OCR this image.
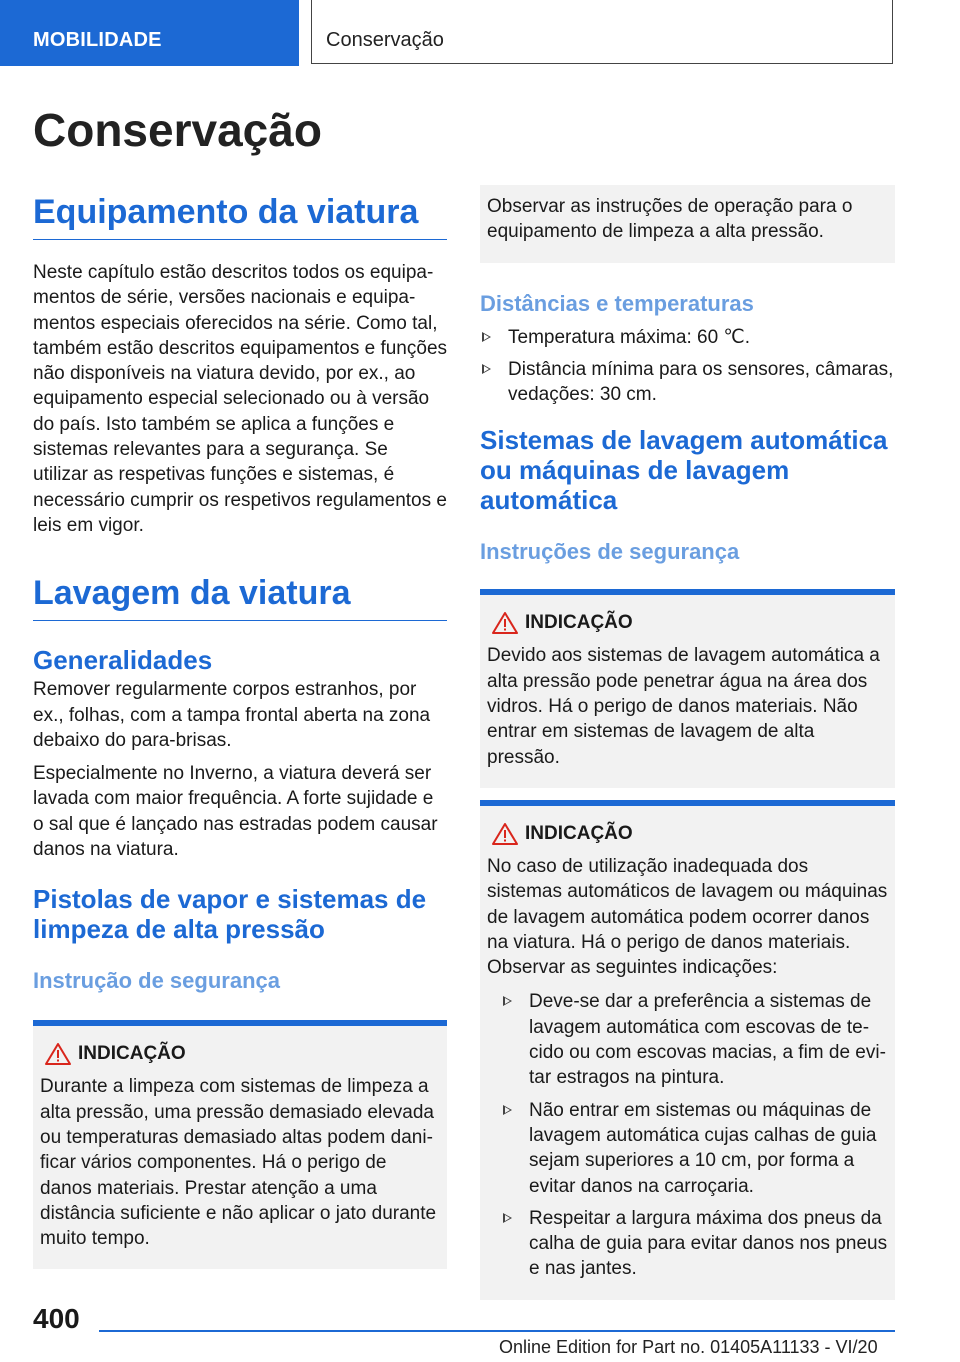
MOBILIDADE	Conservação
Conservação
Equipamento da viatura

Neste capítulo estão descritos todos os equipamentos de série, versões nacionais e equipamentos especiais oferecidos na série. Como tal, também estão descritos equipamentos e funções não disponíveis na viatura devido, por ex., ao equipamento especial selecionado ou à versão do país. Isto também se aplica a funções e sistemas relevantes para a segurança. Se utilizar as respetivas funções e sistemas, é necessário cumprir os respetivos regulamentos e leis em vigor.

Lavagem da viatura
Generalidades

Remover regularmente corpos estranhos, por ex., folhas, com a tampa frontal aberta na zona debaixo do para-brisas.

Especialmente no Inverno, a viatura deverá ser lavada com maior frequência. A forte sujidade e o sal que é lançado nas estradas podem causar danos na viatura.

Pistolas de vapor e sistemas de limpeza de alta pressão
Instrução de segurança
INDICAÇÃO

Durante a limpeza com sistemas de limpeza a alta pressão, uma pressão demasiado elevada ou temperaturas demasiado altas podem danificar vários componentes. Há o perigo de danos materiais. Prestar atenção a uma distância suficiente e não aplicar o jato durante muito tempo.

Observar as instruções de operação para o equipamento de limpeza a alta pressão.

Distâncias e temperaturas
Temperatura máxima: 60 ℃.
Distância mínima para os sensores, câmaras, vedações: 30 cm.
Sistemas de lavagem automática ou máquinas de lavagem automática
Instruções de segurança
INDICAÇÃO

Devido aos sistemas de lavagem automática a alta pressão pode penetrar água na área dos vidros. Há o perigo de danos materiais. Não entrar em sistemas de lavagem de alta pressão.

INDICAÇÃO

No caso de utilização inadequada dos sistemas automáticos de lavagem ou máquinas de lavagem automática podem ocorrer danos na viatura. Há o perigo de danos materiais. Observar as seguintes indicações:

Deve-se dar a preferência a sistemas de lavagem automática com escovas de tecido ou com escovas macias, a fim de evitar estragos na pintura.
Não entrar em sistemas ou máquinas de lavagem automática cujas calhas de guia sejam superiores a 10 cm, por forma a evitar danos na carroçaria.
Respeitar a largura máxima dos pneus da calha de guia para evitar danos nos pneus e nas jantes.
400
Online Edition for Part no. 01405A11133 - VI/20
